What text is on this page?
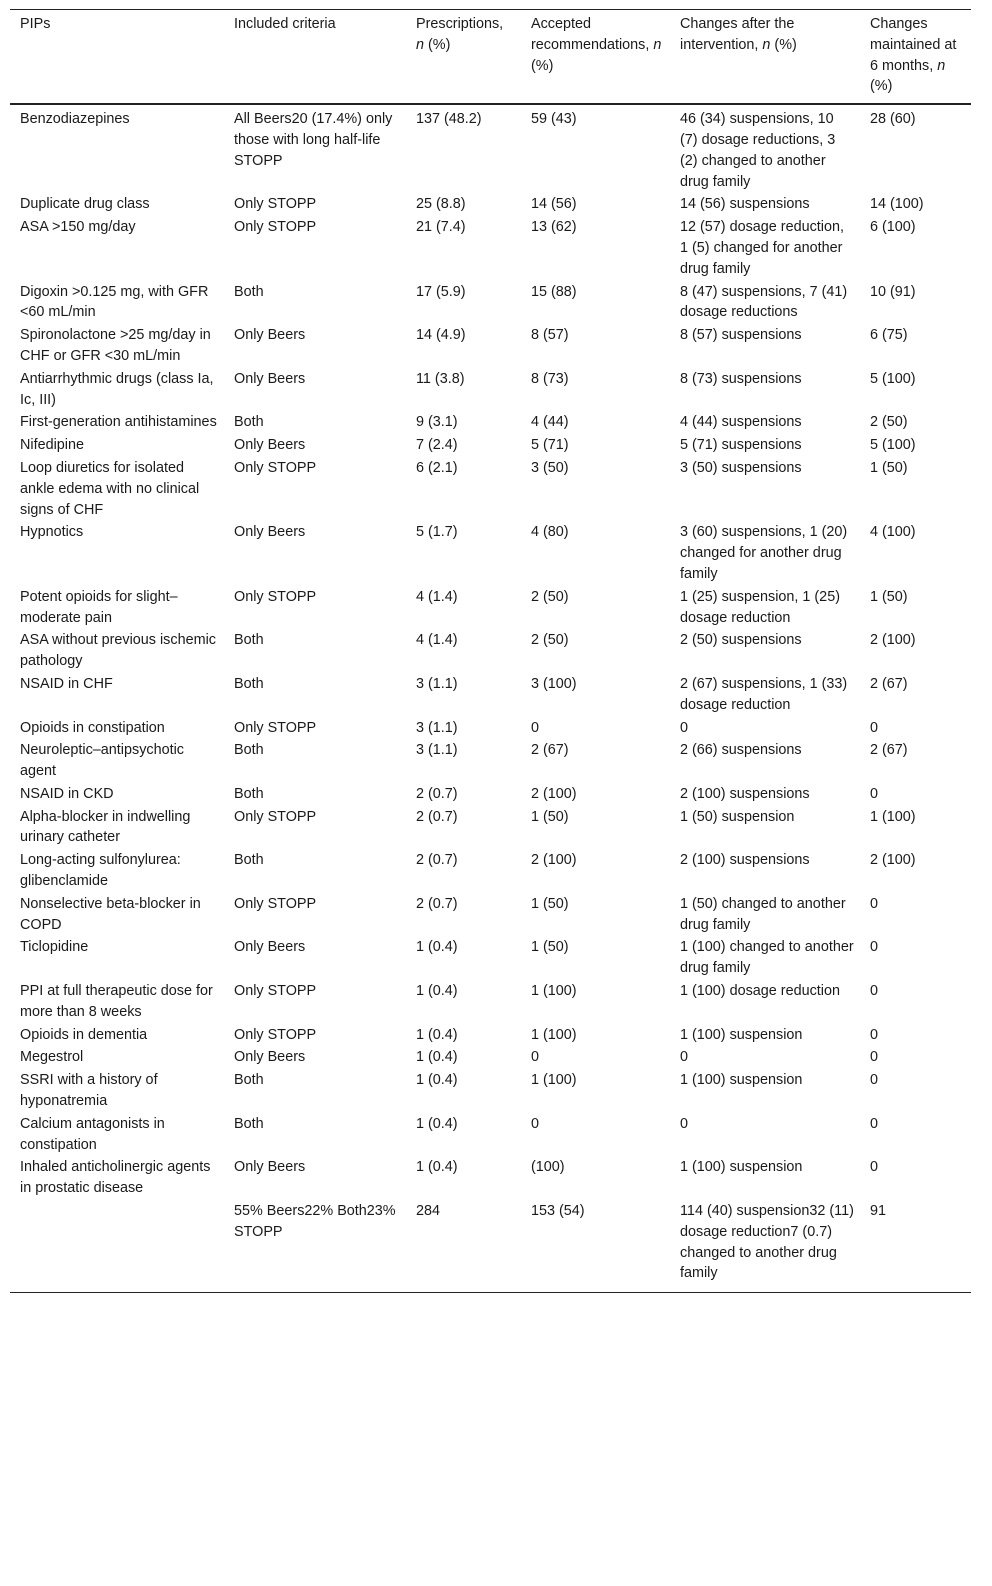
PIPs	Included criteria	Prescriptions, n (%)	Accepted recommendations, n (%)	Changes after the intervention, n (%)	Changes maintained at 6 months, n (%)
Benzodiazepines	All Beers20 (17.4%) only those with long half-life STOPP	137 (48.2)	59 (43)	46 (34) suspensions, 10 (7) dosage reductions, 3 (2) changed to another drug family	28 (60)
Duplicate drug class	Only STOPP	25 (8.8)	14 (56)	14 (56) suspensions	14 (100)
ASA >150 mg/day	Only STOPP	21 (7.4)	13 (62)	12 (57) dosage reduction, 1 (5) changed for another drug family	6 (100)
Digoxin >0.125 mg, with GFR <60 mL/min	Both	17 (5.9)	15 (88)	8 (47) suspensions, 7 (41) dosage reductions	10 (91)
Spironolactone >25 mg/day in CHF or GFR <30 mL/min	Only Beers	14 (4.9)	8 (57)	8 (57) suspensions	6 (75)
Antiarrhythmic drugs (class Ia, Ic, III)	Only Beers	11 (3.8)	8 (73)	8 (73) suspensions	5 (100)
First-generation antihistamines	Both	9 (3.1)	4 (44)	4 (44) suspensions	2 (50)
Nifedipine	Only Beers	7 (2.4)	5 (71)	5 (71) suspensions	5 (100)
Loop diuretics for isolated ankle edema with no clinical signs of CHF	Only STOPP	6 (2.1)	3 (50)	3 (50) suspensions	1 (50)
Hypnotics	Only Beers	5 (1.7)	4 (80)	3 (60) suspensions, 1 (20) changed for another drug family	4 (100)
Potent opioids for slight–moderate pain	Only STOPP	4 (1.4)	2 (50)	1 (25) suspension, 1 (25) dosage reduction	1 (50)
ASA without previous ischemic pathology	Both	4 (1.4)	2 (50)	2 (50) suspensions	2 (100)
NSAID in CHF	Both	3 (1.1)	3 (100)	2 (67) suspensions, 1 (33) dosage reduction	2 (67)
Opioids in constipation	Only STOPP	3 (1.1)	0	0	0
Neuroleptic–antipsychotic agent	Both	3 (1.1)	2 (67)	2 (66) suspensions	2 (67)
NSAID in CKD	Both	2 (0.7)	2 (100)	2 (100) suspensions	0
Alpha-blocker in indwelling urinary catheter	Only STOPP	2 (0.7)	1 (50)	1 (50) suspension	1 (100)
Long-acting sulfonylurea: glibenclamide	Both	2 (0.7)	2 (100)	2 (100) suspensions	2 (100)
Nonselective beta-blocker in COPD	Only STOPP	2 (0.7)	1 (50)	1 (50) changed to another drug family	0
Ticlopidine	Only Beers	1 (0.4)	1 (50)	1 (100) changed to another drug family	0
PPI at full therapeutic dose for more than 8 weeks	Only STOPP	1 (0.4)	1 (100)	1 (100) dosage reduction	0
Opioids in dementia	Only STOPP	1 (0.4)	1 (100)	1 (100) suspension	0
Megestrol	Only Beers	1 (0.4)	0	0	0
SSRI with a history of hyponatremia	Both	1 (0.4)	1 (100)	1 (100) suspension	0
Calcium antagonists in constipation	Both	1 (0.4)	0	0	0
Inhaled anticholinergic agents in prostatic disease	Only Beers	1 (0.4)	(100)	1 (100) suspension	0
	55% Beers22% Both23% STOPP	284	153 (54)	114 (40) suspension32 (11) dosage reduction7 (0.7) changed to another drug family	91
